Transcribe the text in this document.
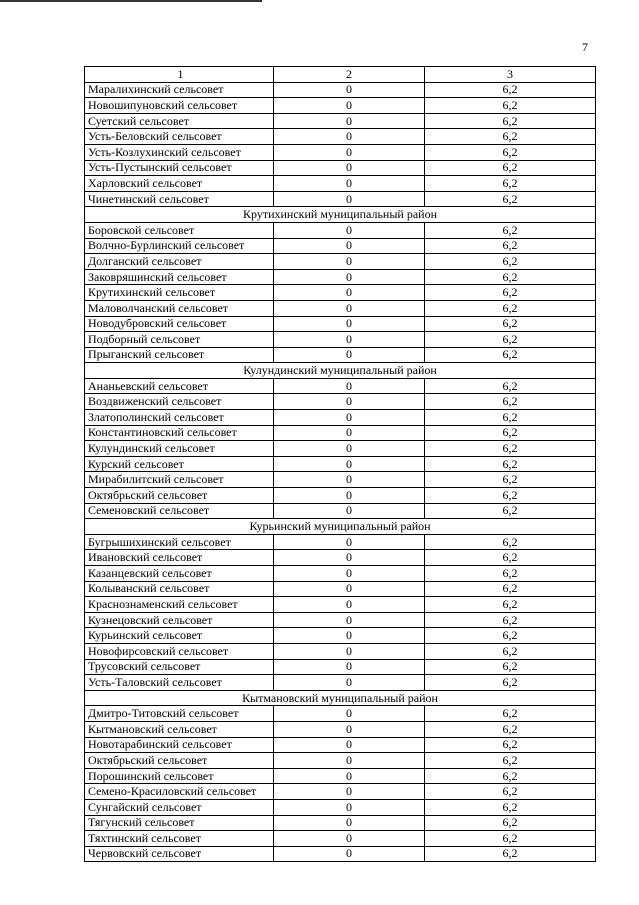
7
1	2	3
Маралихинский сельсовет	0	6,2
Новошипуновский сельсовет	0	6,2
Суетский сельсовет	0	6,2
Усть-Беловский сельсовет	0	6,2
Усть-Козлухинский сельсовет	0	6,2
Усть-Пустынский сельсовет	0	6,2
Харловский сельсовет	0	6,2
Чинетинский сельсовет	0	6,2
Крутихинский муниципальный район		
Боровской сельсовет	0	6,2
Волчно-Бурлинский сельсовет	0	6,2
Долганский сельсовет	0	6,2
Заковряшинский сельсовет	0	6,2
Крутихинский сельсовет	0	6,2
Маловолчанский сельсовет	0	6,2
Новодубровский сельсовет	0	6,2
Подборный сельсовет	0	6,2
Прыганский сельсовет	0	6,2
Кулундинский муниципальный район		
Ананьевский сельсовет	0	6,2
Воздвиженский сельсовет	0	6,2
Златополинский сельсовет	0	6,2
Константиновский сельсовет	0	6,2
Кулундинский сельсовет	0	6,2
Курский сельсовет	0	6,2
Мирабилитский сельсовет	0	6,2
Октябрьский сельсовет	0	6,2
Семеновский сельсовет	0	6,2
Курьинский муниципальный район		
Бугрышихинский сельсовет	0	6,2
Ивановский сельсовет	0	6,2
Казанцевский сельсовет	0	6,2
Колыванский сельсовет	0	6,2
Краснознаменский сельсовет	0	6,2
Кузнецовский сельсовет	0	6,2
Курьинский сельсовет	0	6,2
Новофирсовский сельсовет	0	6,2
Трусовский сельсовет	0	6,2
Усть-Таловский сельсовет	0	6,2
Кытмановский муниципальный район		
Дмитро-Титовский сельсовет	0	6,2
Кытмановский сельсовет	0	6,2
Новотарабинский сельсовет	0	6,2
Октябрьский сельсовет	0	6,2
Порошинский сельсовет	0	6,2
Семено-Красиловский сельсовет	0	6,2
Сунгайский сельсовет	0	6,2
Тягунский сельсовет	0	6,2
Тяхтинский сельсовет	0	6,2
Червовский сельсовет	0	6,2
